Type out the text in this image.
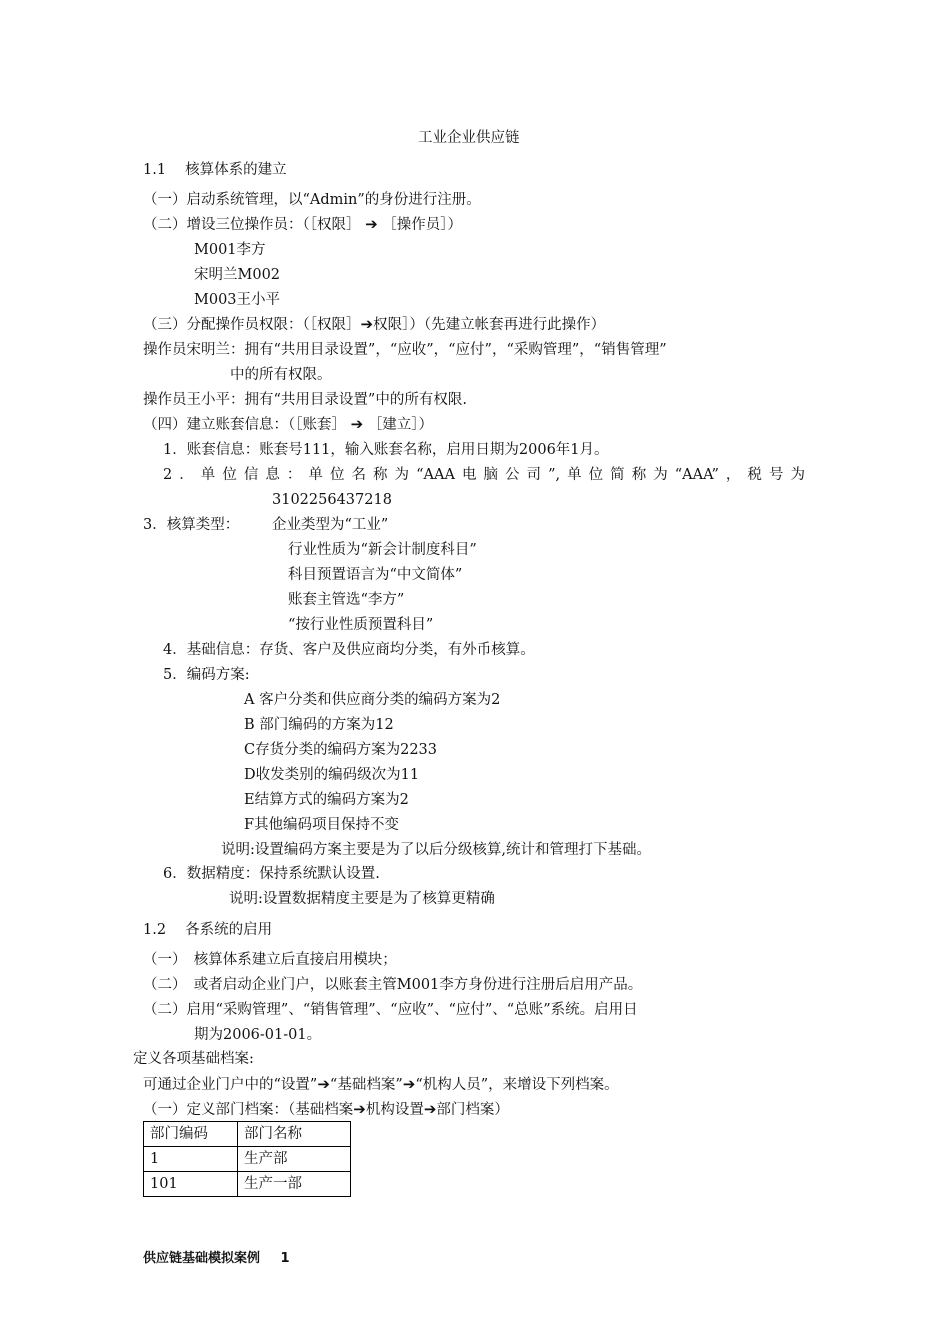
工业企业供应链
1.1　 核算体系的建立
（一）启动系统管理，以“Admin”的身份进行注册。
（二）增设三位操作员：（［权限］ ➔ ［操作员］）
M001李方
宋明兰M002
M003王小平
（三）分配操作员权限：（［权限］➔权限］）（先建立帐套再进行此操作）
操作员宋明兰：拥有“共用目录设置”，“应收”，“应付”，“采购管理”，“销售管理”
中的所有权限。
操作员王小平：拥有“共用目录设置”中的所有权限.
（四）建立账套信息：（［账套］ ➔ ［建立］）
1．账套信息：账套号111，输入账套名称，启用日期为2006年1月。
2．单位信息：单位名称为“AAA电脑公司”,单位简称为“AAA”，税号为
3102256437218
3．核算类型： 企业类型为“工业”
行业性质为“新会计制度科目”
科目预置语言为“中文简体”
账套主管选“李方”
“按行业性质预置科目”
4．基础信息：存货、客户及供应商均分类，有外币核算。
5．编码方案:
A 客户分类和供应商分类的编码方案为2
B 部门编码的方案为12
C存货分类的编码方案为2233
D收发类别的编码级次为11
E结算方式的编码方案为2
F其他编码项目保持不变
说明:设置编码方案主要是为了以后分级核算,统计和管理打下基础。
6．数据精度：保持系统默认设置.
说明:设置数据精度主要是为了核算更精确
1.2　 各系统的启用
（一）　核算体系建立后直接启用模块；
（二）　或者启动企业门户，以账套主管M001李方身份进行注册后启用产品。
（二）启用“采购管理”、“销售管理”、“应收”、“应付”、“总账”系统。启用日
期为2006-01-01。
定义各项基础档案:
可通过企业门户中的“设置”➔“基础档案”➔“机构人员”，来增设下列档案。
（一）定义部门档案：（基础档案➔机构设置➔部门档案）
部门编码	部门名称
1	生产部
101	生产一部
供应链基础模拟案例 1
